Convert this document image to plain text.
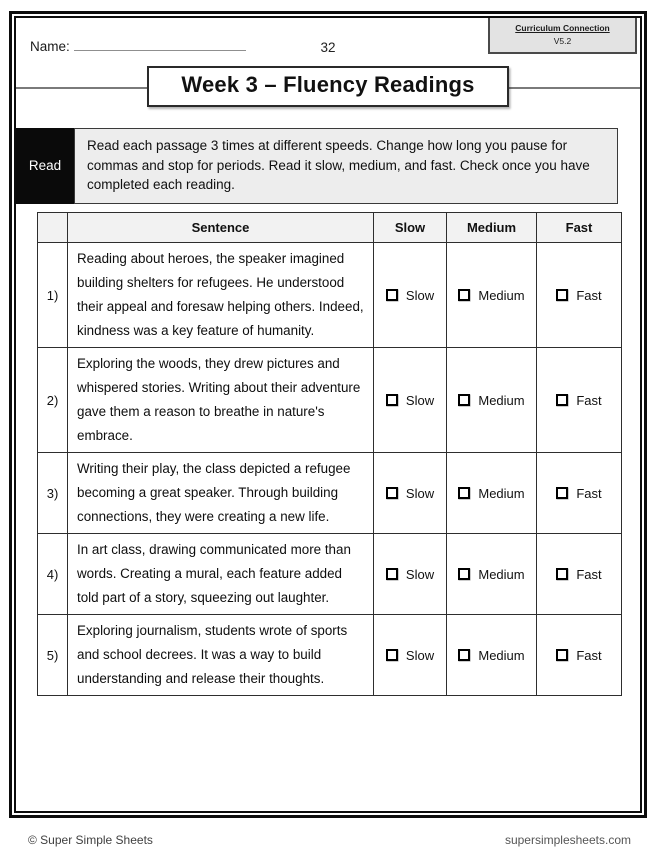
Name:	32
Curriculum Connection
V5.2
Week 3 – Fluency Readings
Read
Read each passage 3 times at different speeds. Change how long you pause for commas and stop for periods. Read it slow, medium, and fast. Check once you have completed each reading.
	Sentence	Slow	Medium	Fast
1)	Reading about heroes, the speaker imagined building shelters for refugees. He understood their appeal and foresaw helping others. Indeed, kindness was a key feature of humanity.	Slow	Medium	Fast
2)	Exploring the woods, they drew pictures and whispered stories. Writing about their adventure gave them a reason to breathe in nature's embrace.	Slow	Medium	Fast
3)	Writing their play, the class depicted a refugee becoming a great speaker. Through building connections, they were creating a new life.	Slow	Medium	Fast
4)	In art class, drawing communicated more than words. Creating a mural, each feature added told part of a story, squeezing out laughter.	Slow	Medium	Fast
5)	Exploring journalism, students wrote of sports and school decrees. It was a way to build understanding and release their thoughts.	Slow	Medium	Fast
© Super Simple Sheets	supersimplesheets.com
